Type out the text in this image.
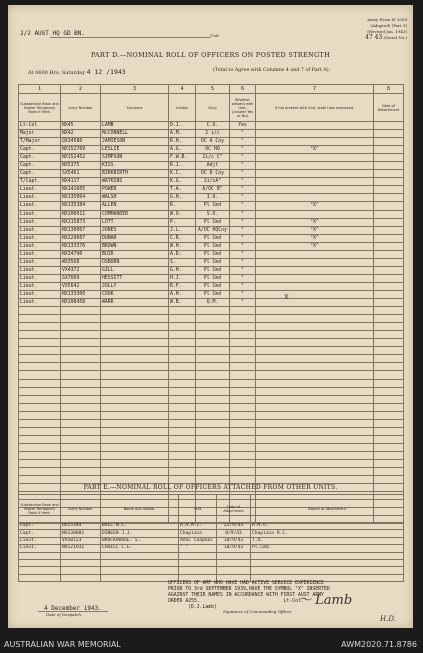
2/2 AUST HQ GD BN.	Unit
Army Form W 3008
(Adapted) (Part 3)
(Revised Jan. 1943)
47 43 (Serial No.)
PART D.—NOMINAL ROLL OF OFFICERS ON POSTED STRENGTH
At 0600 Hrs. Saturday 4 12 /1943	(Total to Agree with Columns 4 and 7 of Part A).
1	2	3	4	5	6	7	8
Substantive Rank and Higher Temporary Rank if Held.	Army Number	Surname	Initials	Duty	Whether present with Unit, (Answer Yes or No)	If not present with Unit, state how employed.	Date of Detachment
Lt-Col	NX45	LAMB	D.J.	C.O.	Yes		
Major	NX42	McCONNELL	A.M.	2 i/c	"		
T/Major	QX34586	JAMIESON	R.H.	OC A Coy	"		
Capt.	NX152769	LESLIE	A.G.	OC HQ	"	"X"	
Capt.	NX152452	SIMPSON	F.W.B.	2i/c C"	"		
Capt.	NX5375	KISS	R.J.	Adjt	"		
Capt.	SX5461	BIRKBIRTH	K.C.	OC D Coy	"		
T/Capt.	NX4117	WATKINS	K.G.	2i/cA"	"		
Lieut.	NX141605	POWER	T.A.	A/OC B"	"		
Lieut.	NX135064	WALSH	G.H.	I.O.	"		
Lieut.	NX135384	ALLEN	R.	Pl Cmd	"	"X"	
Lieut.	NX100011	COMMANDER	W.O.	S.O.	"		
Lieut.	NX115873	LOTT	P.	Pl Cmd	"	"X"	
Lieut.	NX130067	JONES	J.L.	A/OC HQCoy	"	"X"	
Lieut.	NX129607	DUNAR	C.R.	Pl Cmd	"	"X"	
Lieut.	NX133376	BROWN	W.H.	Pl Cmd	"	"X"	
Lieut.	NX34790	BUIR	A.D.	Pl Cmd	"		
Lieut.	WX3568	OSBORN	S.	Pl Cmd	"		
Lieut.	VX4372	GILL	G.H.	Pl Cmd	"		
Lieut.	SX7669	HESSITT	H.J.	Pl Cmd	"		
Lieut.	VX5642	JOLLY	R.F.	Pl Cmd	"		
Lieut.	NX133300	COOK	A.H.	Pl Cmd	"		
Lieut.	NX108458	WARR	W.B.	Q.M.	"		

X
PART E.—NOMINAL ROLL OF OFFICERS ATTACHED FROM OTHER UNITS.
Substantive Rank and Higher Temporary Rank if Held.	Army Number	Name and Initials.	Unit	Date of Attachment	Nature of Attachment
Capt.	QX25344	BALL.N.L.	A.A.M.C.	22/9/43	R.M.O.
Capt.	NX138881	DINEEN J.J.	Chaplain	8/9/43	Chaplain R.C.
Lieut.	VX50123	BROCKHOUSE. E.	AASC Conpool	18/9/43	T.O.
Lieut.	NX121931	CAHILL C.E.	" "	18/9/43	Pl.Cmd.

OFFICERS OF AMF WHO HAVE HAD ACTIVE SERVICE EXPERIENCE
PRIOR TO 3rd SEPTEMBER 1939,HAVE THE SYMBOL "X" INSERTED
AGAINST THEIR NAMES IN ACCORDANCE WITH FIRST AUST ARMY
ORDER A255.	Lt-Col.
(D.J.Lamb)	〜 Lamb
4 December 1943.
Date of Despatch.
Signature of Commanding Officer
H.D.
AUSTRALIAN WAR MEMORIAL	AWM2020.71.8786
